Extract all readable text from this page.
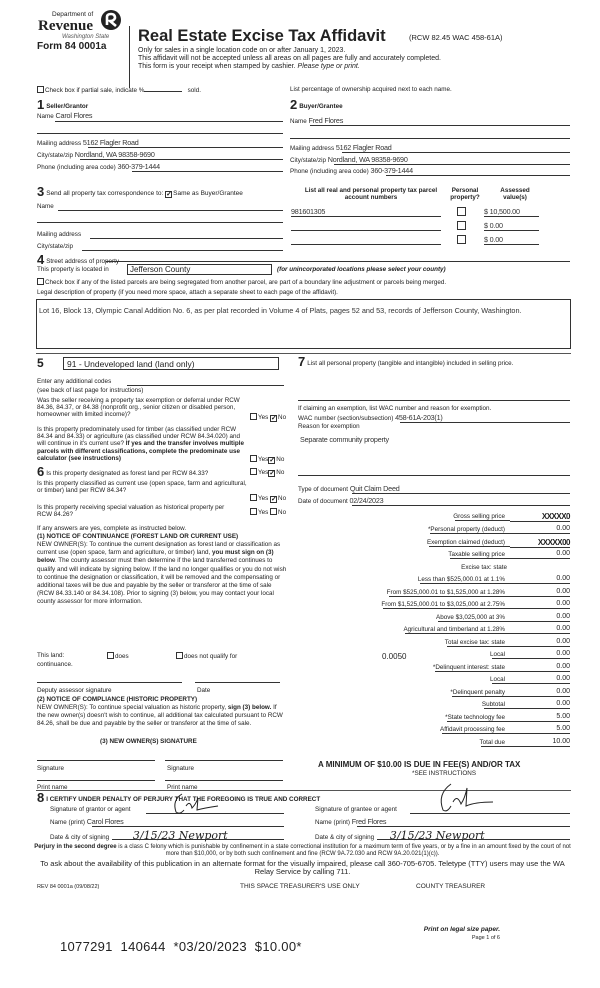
Department of
Revenue
Washington State
Form 84 0001a
Real Estate Excise Tax Affidavit	(RCW 82.45 WAC 458-61A)
Only for sales in a single location code on or after January 1, 2023.
This affidavit will not be accepted unless all areas on all pages are fully and accurately completed.
This form is your receipt when stamped by cashier. Please type or print.
Check box if partial sale, indicate %	sold.	List percentage of ownership acquired next to each name.
1 Seller/Grantor
Name Carol Flores
Mailing address 5162 Flagler Road
City/state/zip Nordland, WA 98358-9690
Phone (including area code) 360-379-1444
2 Buyer/Grantee
Name Fred Flores
Mailing address 5162 Flagler Road
City/state/zip Nordland, WA 98358-9690
Phone (including area code) 360-379-1444
3 Send all property tax correspondence to: ✓Same as Buyer/Grantee
Name
Mailing address
City/state/zip
List all real and personal property tax parcel account numbers
Personal property?
Assessed value(s)
981601305	$ 10,500.00
$ 0.00
$ 0.00
4 Street address of property
This property is located in	Jefferson County	(for unincorporated locations please select your county)
Check box if any of the listed parcels are being segregated from another parcel, are part of a boundary line adjustment or parcels being merged.
Legal description of property (if you need more space, attach a separate sheet to each page of the affidavit).
Lot 16, Block 13, Olympic Canal Addition No. 6, as per plat recorded in Volume 4 of Plats, pages 52 and 53, records of Jefferson County, Washington.
5	91 - Undeveloped land (land only)
Enter any additional codes
(see back of last page for instructions)
Was the seller receiving a property tax exemption or deferral under RCW 84.36, 84.37, or 84.38 (nonprofit org., senior citizen or disabled person, homeowner with limited income)?	Yes ✓No
Is this property predominately used for timber (as classified under RCW 84.34 and 84.33) or agriculture (as classified under RCW 84.34.020) and will continue in it's current use? If yes and the transfer involves multiple parcels with different classifications, complete the predominate use calculator (see instructions)	Yes✓No
6 Is this property designated as forest land per RCW 84.33?	Yes✓No
Is this property classified as current use (open space, farm and agricultural, or timber) land per RCW 84.34?
Yes ✓No
Is this property receiving special valuation as historical property per RCW 84.26?	Yes No
If any answers are yes, complete as instructed below.
(1) NOTICE OF CONTINUANCE (FOREST LAND OR CURRENT USE)
NEW OWNER(S): To continue the current designation as forest land or classification as current use (open space, farm and agriculture, or timber) land, you must sign on (3) below. The county assessor must then determine if the land transferred continues to qualify and will indicate by signing below. If the land no longer qualifies or you do not wish to continue the designation or classification, it will be removed and the compensating or additional taxes will be due and payable by the seller or transferor at the time of sale (RCW 84.33.140 or 84.34.108). Prior to signing (3) below, you may contact your local county assessor for more information.
This land:	does	does not qualify for
continuance.
Deputy assessor signature	Date
(2) NOTICE OF COMPLIANCE (HISTORIC PROPERTY)
NEW OWNER(S): To continue special valuation as historic property, sign (3) below. If the new owner(s) doesn't wish to continue, all additional tax calculated pursuant to RCW 84.26, shall be due and payable by the seller or transferor at the time of sale.
(3) NEW OWNER(S) SIGNATURE
Signature	Signature
Print name	Print name
7 List all personal property (tangible and intangible) included in selling price.
If claiming an exemption, list WAC number and reason for exemption.
WAC number (section/subsection) 458-61A-203(1)
Reason for exemption
Separate community property
Type of document Quit Claim Deed
Date of document 02/24/2023
Gross selling price	XXXXX0
*Personal property (deduct)	0.00
Exemption claimed (deduct)	XXXXX00
Taxable selling price	0.00
Excise tax: state
Less than $525,000.01 at 1.1%	0.00
From $525,000.01 to $1,525,000 at 1.28%	0.00
From $1,525,000.01 to $3,025,000 at 2.75%	0.00
Above $3,025,000 at 3%	0.00
Agricultural and timberland at 1.28%	0.00
Total excise tax: state	0.00
Local	0.00
*Delinquent interest: state	0.00
Local	0.00
*Delinquent penalty	0.00
Subtotal	0.00
*State technology fee	5.00
Affidavit processing fee	5.00
Total due	10.00
0.0050
A MINIMUM OF $10.00 IS DUE IN FEE(S) AND/OR TAX
*SEE INSTRUCTIONS
8 I CERTIFY UNDER PENALTY OF PERJURY THAT THE FOREGOING IS TRUE AND CORRECT
Signature of grantor or agent
Name (print) Carol Flores
Date & city of signing 3/15/23 Newport
Signature of grantee or agent
Name (print) Fred Flores
Date & city of signing 3/15/23 Newport
Perjury in the second degree is a class C felony which is punishable by confinement in a state correctional institution for a maximum term of five years, or by a fine in an amount fixed by the court of not more than $10,000, or by both such confinement and fine (RCW 9A.72.030 and RCW 9A.20.021(1)(c)).
To ask about the availability of this publication in an alternate format for the visually impaired, please call 360-705-6705. Teletype (TTY) users may use the WA Relay Service by calling 711.
REV 84 0001a (09/08/22)	THIS SPACE TREASURER'S USE ONLY	COUNTY TREASURER
Print on legal size paper.
Page 1 of 6
1077291  140644  *03/20/2023  $10.00*
